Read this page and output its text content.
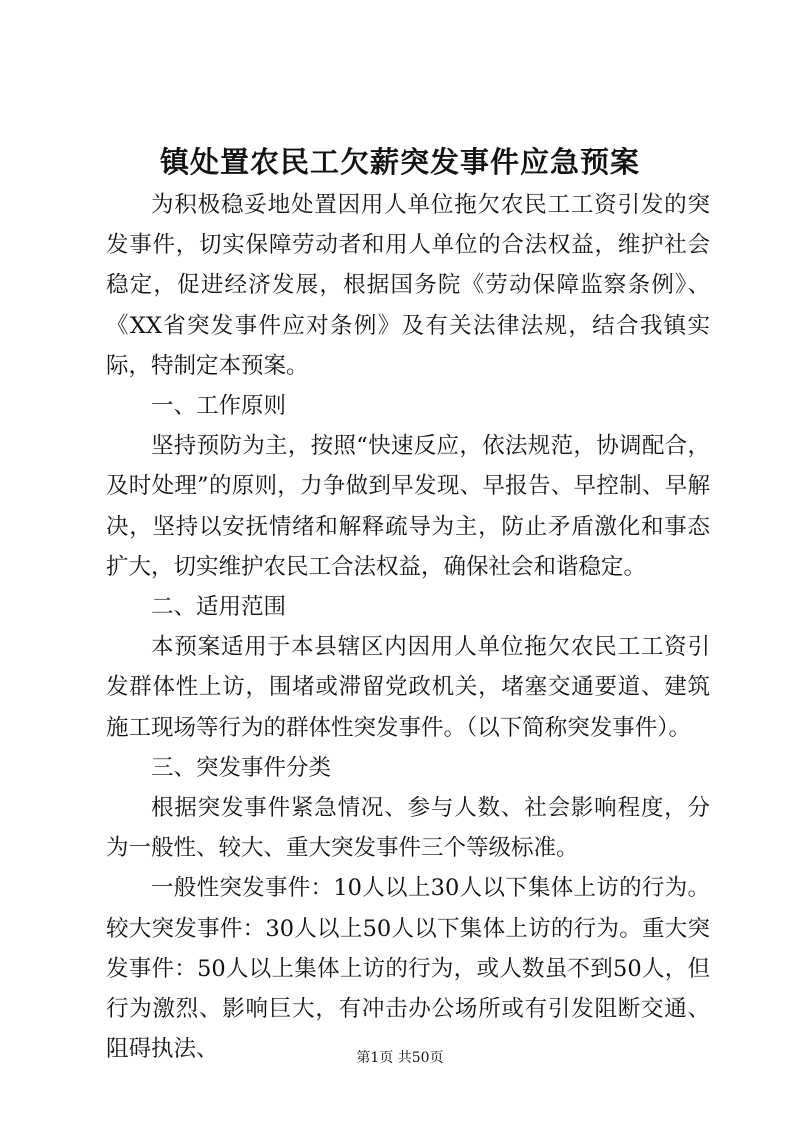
镇处置农民工欠薪突发事件应急预案

为积极稳妥地处置因用人单位拖欠农民工工资引发的突发事件，切实保障劳动者和用人单位的合法权益，维护社会稳定，促进经济发展，根据国务院《劳动保障监察条例》、《XX省突发事件应对条例》及有关法律法规，结合我镇实际，特制定本预案。

一、工作原则

坚持预防为主，按照“快速反应，依法规范，协调配合，及时处理”的原则，力争做到早发现、早报告、早控制、早解决，坚持以安抚情绪和解释疏导为主，防止矛盾激化和事态扩大，切实维护农民工合法权益，确保社会和谐稳定。

二、适用范围

本预案适用于本县辖区内因用人单位拖欠农民工工资引发群体性上访，围堵或滞留党政机关，堵塞交通要道、建筑施工现场等行为的群体性突发事件。（以下简称突发事件）。

三、突发事件分类

根据突发事件紧急情况、参与人数、社会影响程度，分为一般性、较大、重大突发事件三个等级标准。

一般性突发事件：10人以上30人以下集体上访的行为。较大突发事件：30人以上50人以下集体上访的行为。重大突发事件：50人以上集体上访的行为，或人数虽不到50人，但行为激烈、影响巨大，有冲击办公场所或有引发阻断交通、阻碍执法、	第1页 共50页
